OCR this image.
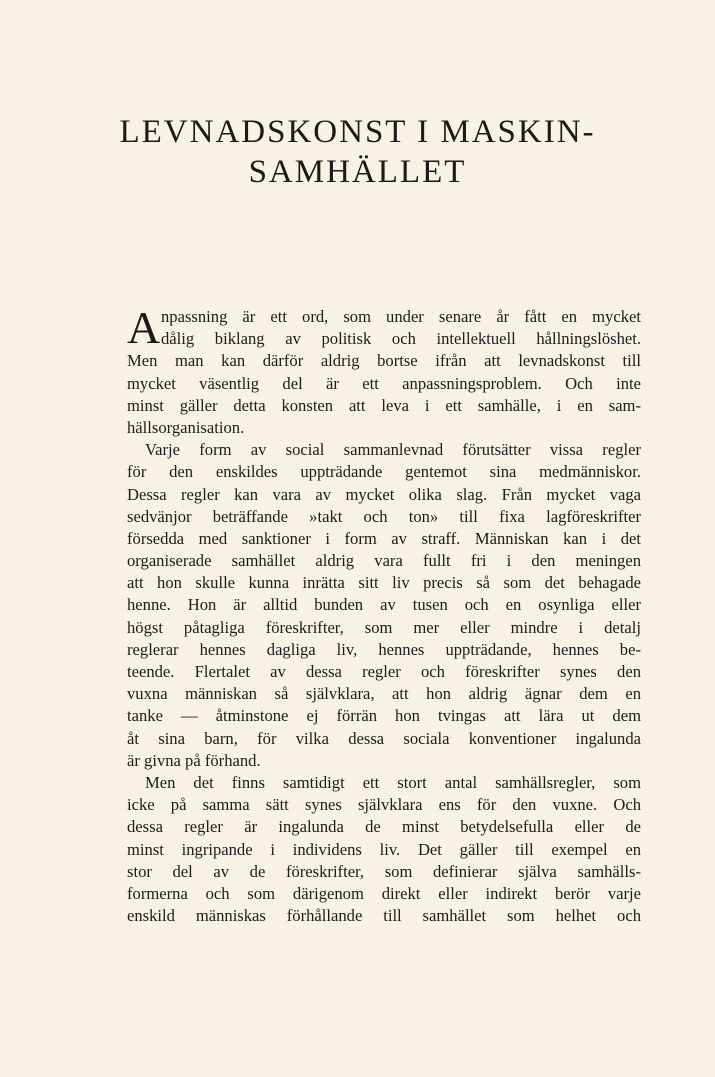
LEVNADSKONST I MASKIN-
SAMHÄLLET
A npassning är ett ord, som under senare år fått en mycket
dålig biklang av politisk och intellektuell hållningslöshet.
Men man kan därför aldrig bortse ifrån att levnadskonst till
mycket väsentlig del är ett anpassningsproblem. Och inte
minst gäller detta konsten att leva i ett samhälle, i en sam-
hällsorganisation.
Varje form av social sammanlevnad förutsätter vissa regler
för den enskildes uppträdande gentemot sina medmänniskor.
Dessa regler kan vara av mycket olika slag. Från mycket vaga
sedvänjor beträffande »takt och ton» till fixa lagföreskrifter
försedda med sanktioner i form av straff. Människan kan i det
organiserade samhället aldrig vara fullt fri i den meningen
att hon skulle kunna inrätta sitt liv precis så som det behagade
henne. Hon är alltid bunden av tusen och en osynliga eller
högst påtagliga föreskrifter, som mer eller mindre i detalj
reglerar hennes dagliga liv, hennes uppträdande, hennes be-
teende. Flertalet av dessa regler och föreskrifter synes den
vuxna människan så självklara, att hon aldrig ägnar dem en
tanke — åtminstone ej förrän hon tvingas att lära ut dem
åt sina barn, för vilka dessa sociala konventioner ingalunda
är givna på förhand.
Men det finns samtidigt ett stort antal samhällsregler, som
icke på samma sätt synes självklara ens för den vuxne. Och
dessa regler är ingalunda de minst betydelsefulla eller de
minst ingripande i individens liv. Det gäller till exempel en
stor del av de föreskrifter, som definierar själva samhälls-
formerna och som därigenom direkt eller indirekt berör varje
enskild människas förhållande till samhället som helhet och
